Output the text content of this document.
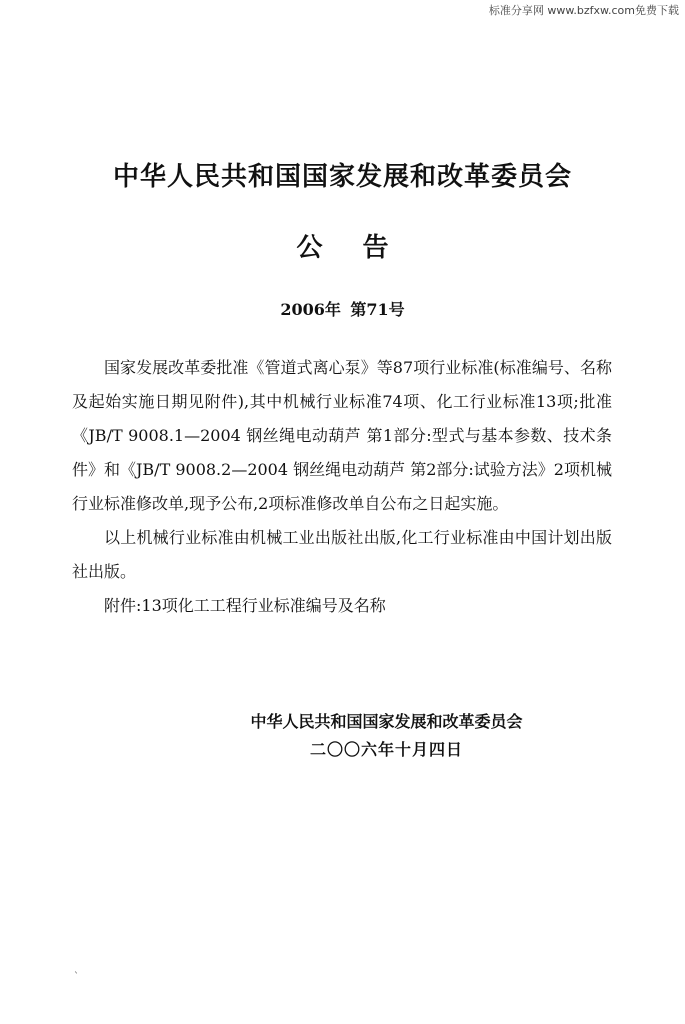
标准分享网 www.bzfxw.com免费下载
中华人民共和国国家发展和改革委员会
公告
2006年 第71号

国家发展改革委批准《管道式离心泵》等87项行业标准(标准编号、名称及起始实施日期见附件),其中机械行业标准74项、化工行业标准13项;批准《JB/T 9008.1—2004 钢丝绳电动葫芦 第1部分:型式与基本参数、技术条件》和《JB/T 9008.2—2004 钢丝绳电动葫芦 第2部分:试验方法》2项机械行业标准修改单,现予公布,2项标准修改单自公布之日起实施。

以上机械行业标准由机械工业出版社出版,化工行业标准由中国计划出版社出版。

附件:13项化工工程行业标准编号及名称

中华人民共和国国家发展和改革委员会
二〇〇六年十月四日
`
